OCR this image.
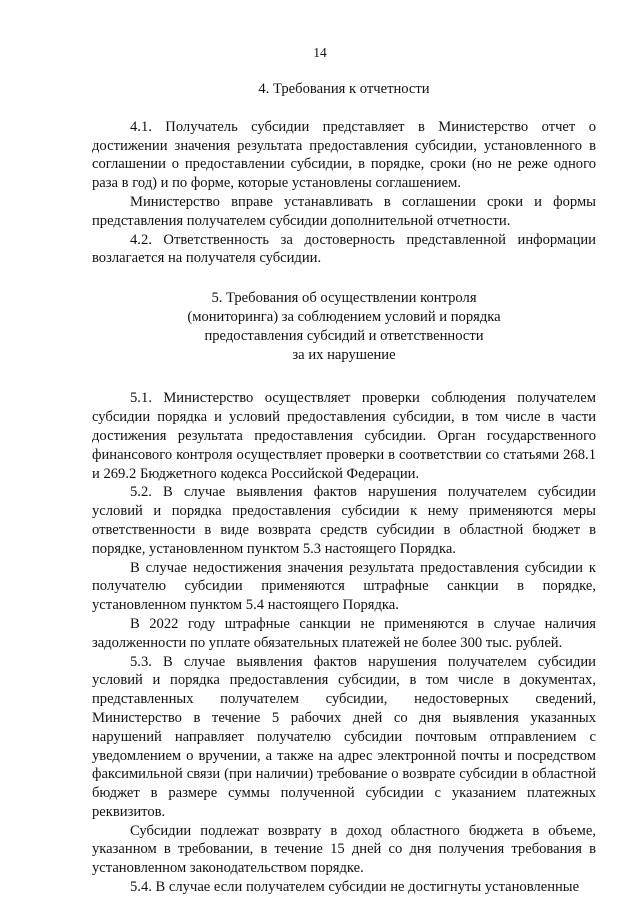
14

4. Требования к отчетности

4.1. Получатель субсидии представляет в Министерство отчет о достижении значения результата предоставления субсидии, установленного в соглашении о предоставлении субсидии, в порядке, сроки (но не реже одного раза в год) и по форме, которые установлены соглашением.

Министерство вправе устанавливать в соглашении сроки и формы представления получателем субсидии дополнительной отчетности.

4.2. Ответственность за достоверность представленной информации возлагается на получателя субсидии.

5. Требования об осуществлении контроля
(мониторинга) за соблюдением условий и порядка
предоставления субсидий и ответственности
за их нарушение

5.1. Министерство осуществляет проверки соблюдения получателем субсидии порядка и условий предоставления субсидии, в том числе в части достижения результата предоставления субсидии. Орган государственного финансового контроля осуществляет проверки в соответствии со статьями 268.1 и 269.2 Бюджетного кодекса Российской Федерации.

5.2. В случае выявления фактов нарушения получателем субсидии условий и порядка предоставления субсидии к нему применяются меры ответственности в виде возврата средств субсидии в областной бюджет в порядке, установленном пунктом 5.3 настоящего Порядка.

В случае недостижения значения результата предоставления субсидии к получателю субсидии применяются штрафные санкции в порядке, установленном пунктом 5.4 настоящего Порядка.

В 2022 году штрафные санкции не применяются в случае наличия задолженности по уплате обязательных платежей не более 300 тыс. рублей.

5.3. В случае выявления фактов нарушения получателем субсидии условий и порядка предоставления субсидии, в том числе в документах, представленных получателем субсидии, недостоверных сведений, Министерство в течение 5 рабочих дней со дня выявления указанных нарушений направляет получателю субсидии почтовым отправлением с уведомлением о вручении, а также на адрес электронной почты и посредством факсимильной связи (при наличии) требование о возврате субсидии в областной бюджет в размере суммы полученной субсидии с указанием платежных реквизитов.

Субсидии подлежат возврату в доход областного бюджета в объеме, указанном в требовании, в течение 15 дней со дня получения требования в установленном законодательством порядке.

5.4. В случае если получателем субсидии не достигнуты установленные
